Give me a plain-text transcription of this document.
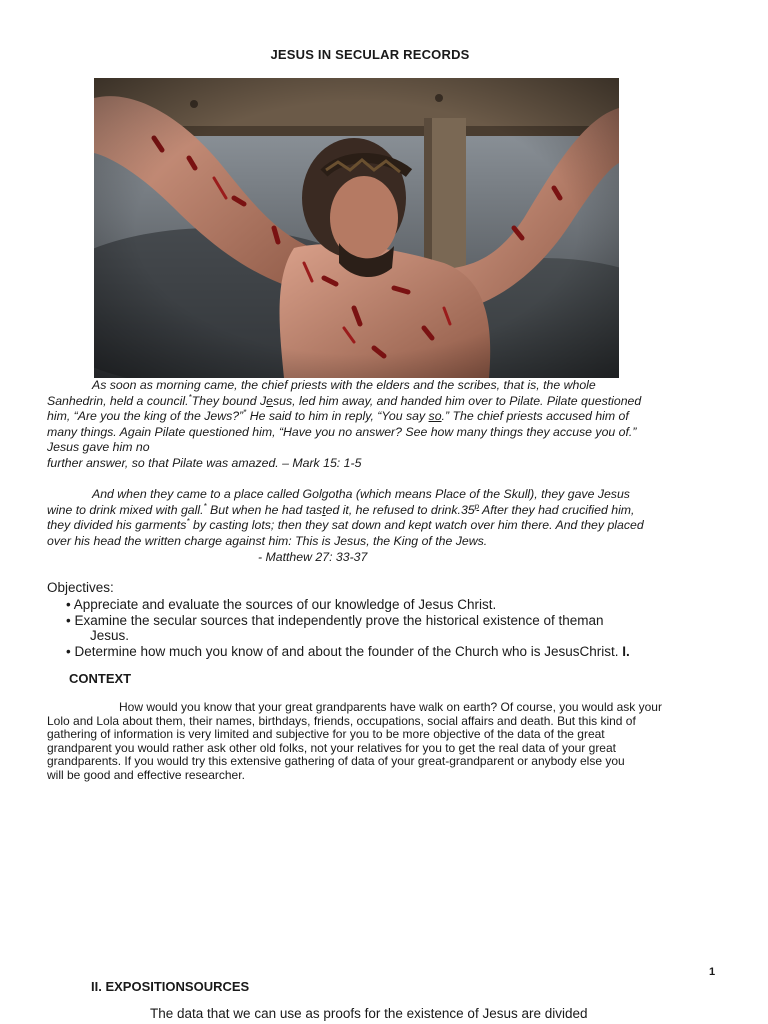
JESUS IN SECULAR RECORDS
As soon as morning came, the chief priests with the elders and the scribes, that is, the whole
Sanhedrin, held a council.*They bound Jesus, led him away, and handed him over to Pilate. Pilate questioned
him, “Are you the king of the Jews?”* He said to him in reply, “You say so.” The chief priests accused him of
many things. Again Pilate questioned him, “Have you no answer? See how many things they accuse you of.”
Jesus gave him no
further answer, so that Pilate was amazed. – Mark 15: 1-5
And when they came to a place called Golgotha (which means Place of the Skull), they gave Jesus
wine to drink mixed with gall.* But when he had tasted it, he refused to drink.35$^p$ After they had crucified him,
they divided his garments* by casting lots; then they sat down and kept watch over him there. And they placed
over his head the written charge against him: This is Jesus, the King of the Jews.
- Matthew 27: 33-37
Objectives:
• Appreciate and evaluate the sources of our knowledge of Jesus Christ.
• Examine the secular sources that independently prove the historical existence of theman
Jesus.
• Determine how much you know of and about the founder of the Church who is JesusChrist. I.
CONTEXT
How would you know that your great grandparents have walk on earth? Of course, you would ask your
Lolo and Lola about them, their names, birthdays, friends, occupations, social affairs and death. But this kind of
gathering of information is very limited and subjective for you to be more objective of the data of the great
grandparent you would rather ask other old folks, not your relatives for you to get the real data of your great
grandparents. If you would try this extensive gathering of data of your great-grandparent or anybody else you
will be good and effective researcher.
1
II. EXPOSITIONSOURCES
The data that we can use as proofs for the existence of Jesus are divided
